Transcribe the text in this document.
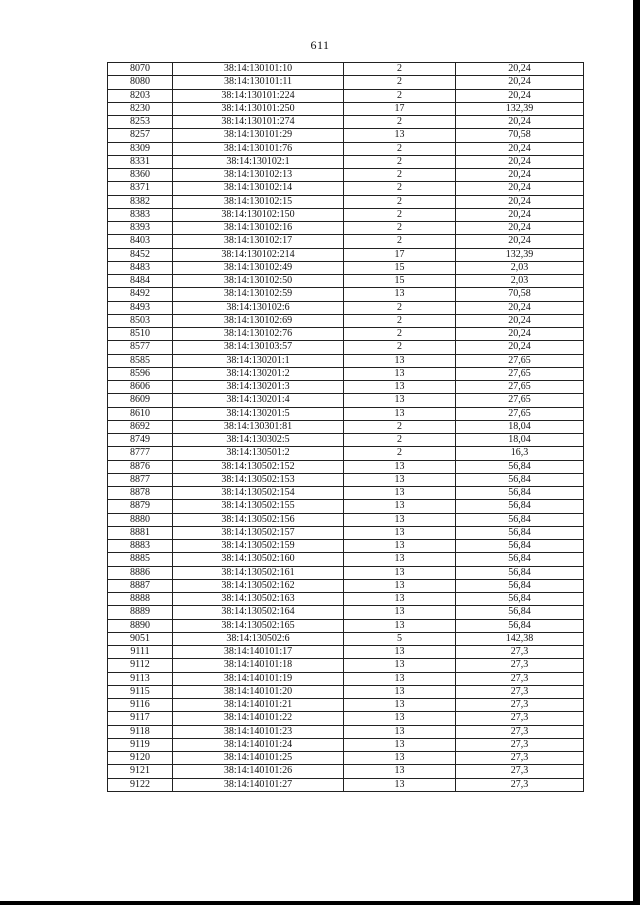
611
8070	38:14:130101:10	2	20,24
8080	38:14:130101:11	2	20,24
8203	38:14:130101:224	2	20,24
8230	38:14:130101:250	17	132,39
8253	38:14:130101:274	2	20,24
8257	38:14:130101:29	13	70,58
8309	38:14:130101:76	2	20,24
8331	38:14:130102:1	2	20,24
8360	38:14:130102:13	2	20,24
8371	38:14:130102:14	2	20,24
8382	38:14:130102:15	2	20,24
8383	38:14:130102:150	2	20,24
8393	38:14:130102:16	2	20,24
8403	38:14:130102:17	2	20,24
8452	38:14:130102:214	17	132,39
8483	38:14:130102:49	15	2,03
8484	38:14:130102:50	15	2,03
8492	38:14:130102:59	13	70,58
8493	38:14:130102:6	2	20,24
8503	38:14:130102:69	2	20,24
8510	38:14:130102:76	2	20,24
8577	38:14:130103:57	2	20,24
8585	38:14:130201:1	13	27,65
8596	38:14:130201:2	13	27,65
8606	38:14:130201:3	13	27,65
8609	38:14:130201:4	13	27,65
8610	38:14:130201:5	13	27,65
8692	38:14:130301:81	2	18,04
8749	38:14:130302:5	2	18,04
8777	38:14:130501:2	2	16,3
8876	38:14:130502:152	13	56,84
8877	38:14:130502:153	13	56,84
8878	38:14:130502:154	13	56,84
8879	38:14:130502:155	13	56,84
8880	38:14:130502:156	13	56,84
8881	38:14:130502:157	13	56,84
8883	38:14:130502:159	13	56,84
8885	38:14:130502:160	13	56,84
8886	38:14:130502:161	13	56,84
8887	38:14:130502:162	13	56,84
8888	38:14:130502:163	13	56,84
8889	38:14:130502:164	13	56,84
8890	38:14:130502:165	13	56,84
9051	38:14:130502:6	5	142,38
9111	38:14:140101:17	13	27,3
9112	38:14:140101:18	13	27,3
9113	38:14:140101:19	13	27,3
9115	38:14:140101:20	13	27,3
9116	38:14:140101:21	13	27,3
9117	38:14:140101:22	13	27,3
9118	38:14:140101:23	13	27,3
9119	38:14:140101:24	13	27,3
9120	38:14:140101:25	13	27,3
9121	38:14:140101:26	13	27,3
9122	38:14:140101:27	13	27,3
